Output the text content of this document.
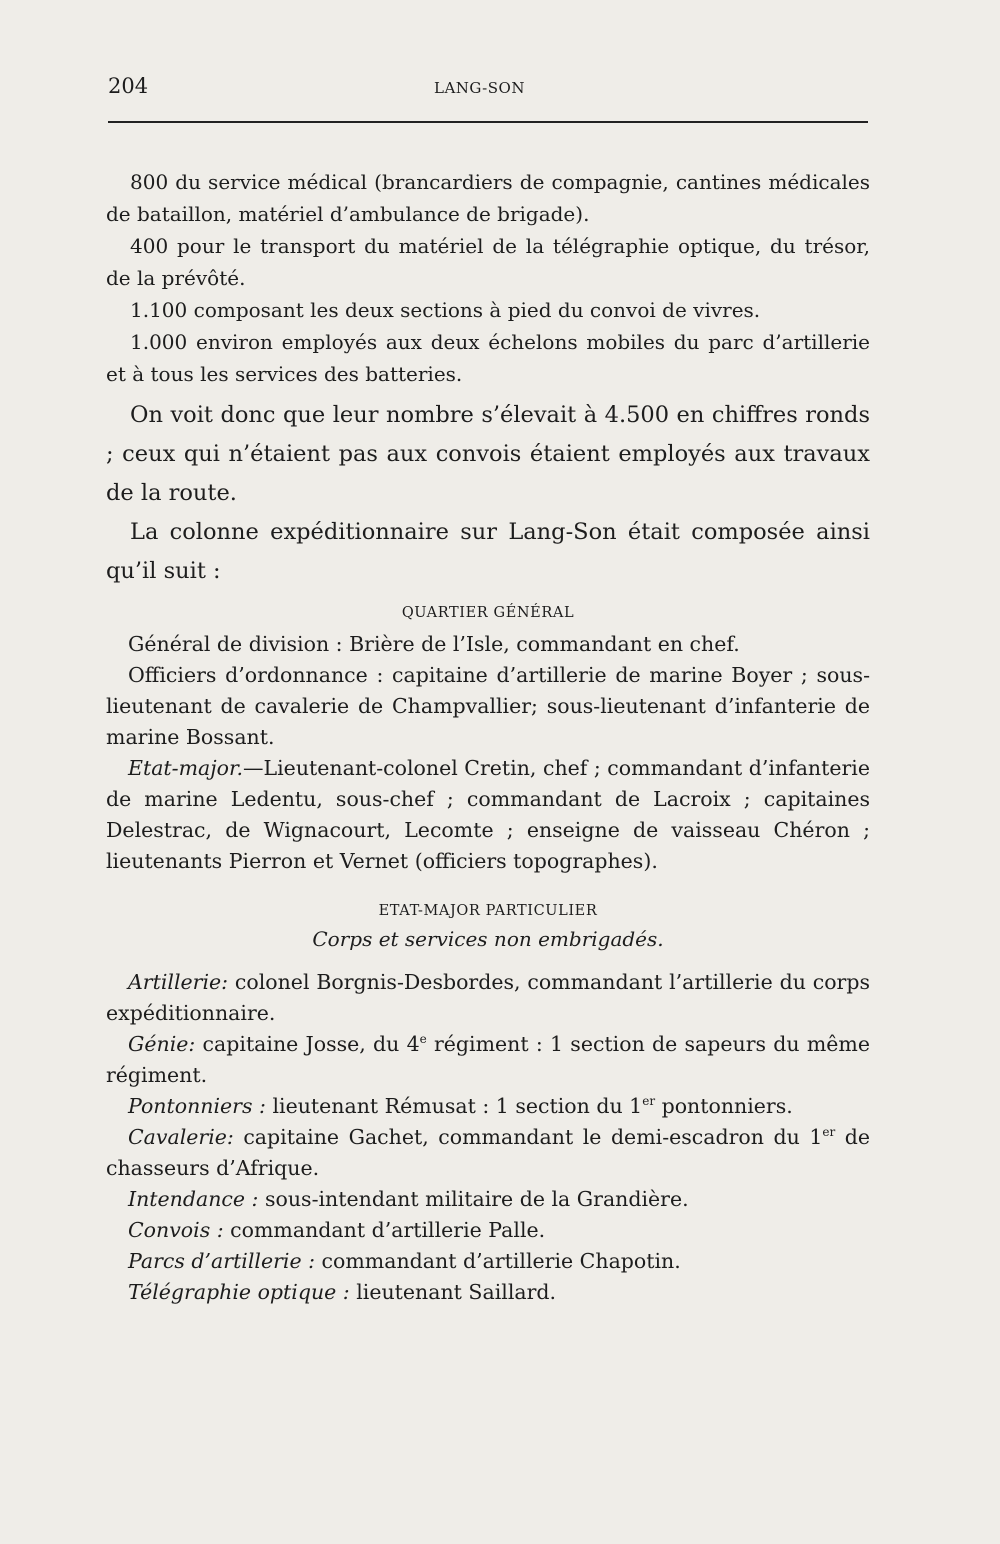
204	LANG-SON

800 du service médical (brancardiers de compagnie, cantines médicales de bataillon, matériel d’ambulance de brigade).

400 pour le transport du matériel de la télégraphie optique, du trésor, de la prévôté.

1.100 composant les deux sections à pied du convoi de vivres.

1.000 environ employés aux deux échelons mobiles du parc d’artillerie et à tous les services des batteries.

On voit donc que leur nombre s’élevait à 4.500 en chiffres ronds ; ceux qui n’étaient pas aux convois étaient employés aux travaux de la route.

La colonne expéditionnaire sur Lang-Son était composée ainsi qu’il suit :

QUARTIER GÉNÉRAL

Général de division : Brière de l’Isle, commandant en chef.

Officiers d’ordonnance : capitaine d’artillerie de marine Boyer ; sous-lieutenant de cavalerie de Champvallier; sous-lieutenant d’infanterie de marine Bossant.

Etat-major.—Lieutenant-colonel Cretin, chef ; commandant d’infanterie de marine Ledentu, sous-chef ; commandant de Lacroix ; capitaines Delestrac, de Wignacourt, Lecomte ; enseigne de vaisseau Chéron ; lieutenants Pierron et Vernet (officiers topographes).

ETAT-MAJOR PARTICULIER
Corps et services non embrigadés.

Artillerie: colonel Borgnis-Desbordes, commandant l’artillerie du corps expéditionnaire.

Génie: capitaine Josse, du 4e régiment : 1 section de sapeurs du même régiment.

Pontonniers : lieutenant Rémusat : 1 section du 1er pontonniers.

Cavalerie: capitaine Gachet, commandant le demi-escadron du 1er de chasseurs d’Afrique.

Intendance : sous-intendant militaire de la Grandière.

Convois : commandant d’artillerie Palle.

Parcs d’artillerie : commandant d’artillerie Chapotin.

Télégraphie optique : lieutenant Saillard.
